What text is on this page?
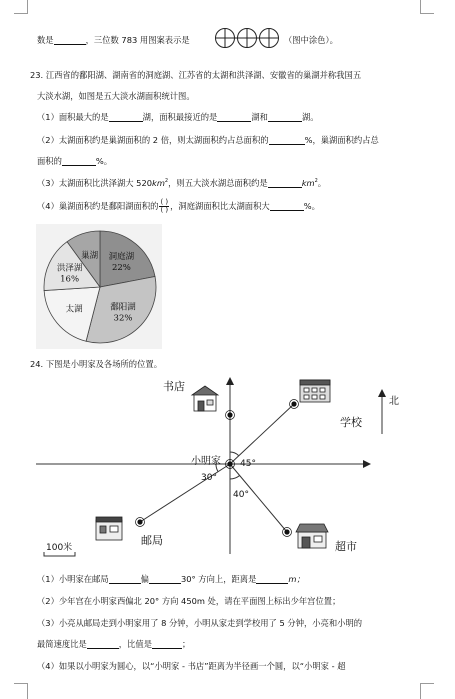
数是	，三位数 783 用图案表示是	（图中涂色）。
23. 江西省的鄱阳湖、湖南省的洞庭湖、江苏省的太湖和洪泽湖、安徽省的巢湖并称我国五
大淡水湖，如图是五大淡水湖面积统计图。
（1）面积最大的是	湖，面积最接近的是	湖和	湖。
（2）太湖面积约是巢湖面积的 2 倍，则太湖面积约占总面积的	%，巢湖面积约占总
面积的	%。
（3）太湖面积比洪泽湖大 $520km^2$，则五大淡水湖总面积约是	$km^2$。
（4）巢湖面积约是鄱阳湖面积的 $\frac{( )}{( )}$，洞庭湖面积比太湖面积大	%。
洞庭湖
22%
鄱阳湖
32%
太湖
洪泽湖
16%
巢湖
24. 下图是小明家及各场所的位置。
书店
学校
小明家 45°
30°
40°
邮局	超市
北
100米
（1）小明家在邮局	偏	30° 方向上，距离是	m；
（2）少年宫在小明家西偏北 20° 方向 450m 处，请在平面图上标出少年宫位置；
（3）小亮从邮局走到小明家用了 8 分钟，小明从家走到学校用了 5 分钟，小亮和小明的
最简速度比是	，比值是	；
（4）如果以小明家为圆心，以“小明家 - 书店”距离为半径画一个圆，以“小明家 - 超
